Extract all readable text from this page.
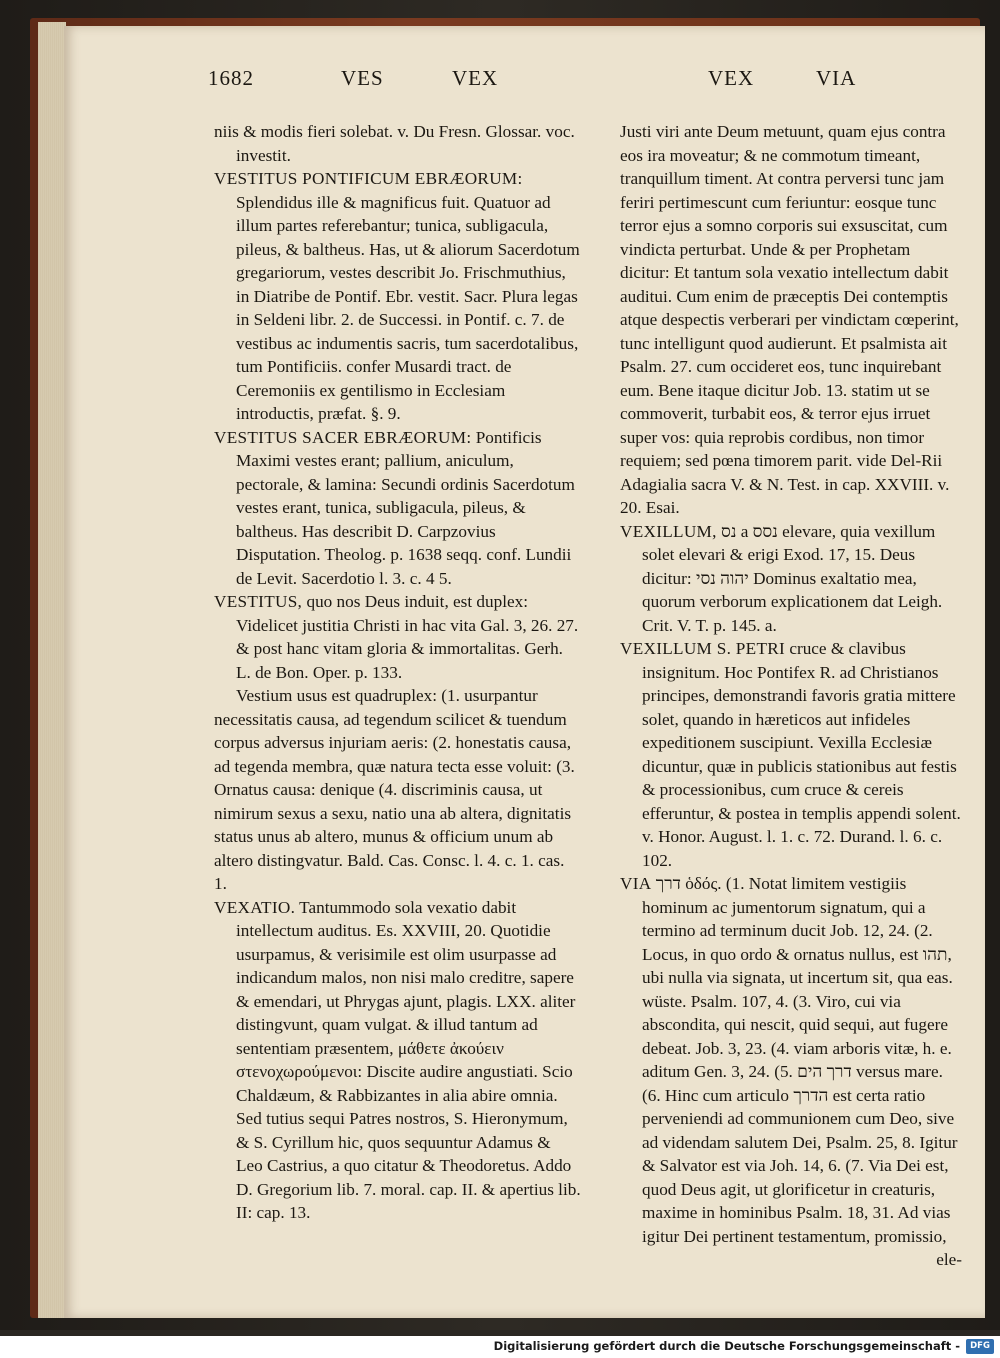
1682	VES	VEX	VEX	VIA

niis & modis fieri solebat. v. Du Fresn. Glossar. voc. investit.

VESTITUS PONTIFICUM EBRÆORUM: Splendidus ille & magnificus fuit. Quatuor ad illum partes referebantur; tunica, subligacula, pileus, & baltheus. Has, ut & aliorum Sacerdotum gregariorum, vestes describit Jo. Frischmuthius, in Diatribe de Pontif. Ebr. vestit. Sacr. Plura legas in Seldeni libr. 2. de Successi. in Pontif. c. 7. de vestibus ac indumentis sacris, tum sacerdotalibus, tum Pontificiis. confer Musardi tract. de Ceremoniis ex gentilismo in Ecclesiam introductis, præfat. §. 9.

VESTITUS SACER EBRÆORUM: Pontificis Maximi vestes erant; pallium, aniculum, pectorale, & lamina: Secundi ordinis Sacerdotum vestes erant, tunica, subligacula, pileus, & baltheus. Has describit D. Carpzovius Disputation. Theolog. p. 1638 seqq. conf. Lundii de Levit. Sacerdotio l. 3. c. 4 5.

VESTITUS, quo nos Deus induit, est duplex: Videlicet justitia Christi in hac vita Gal. 3, 26. 27. & post hanc vitam gloria & immortalitas. Gerh. L. de Bon. Oper. p. 133.

Vestium usus est quadruplex: (1. usurpantur necessitatis causa, ad tegendum scilicet & tuendum corpus adversus injuriam aeris: (2. honestatis causa, ad tegenda membra, quæ natura tecta esse voluit: (3. Ornatus causa: denique (4. discriminis causa, ut nimirum sexus a sexu, natio una ab altera, dignitatis status unus ab altero, munus & officium unum ab altero distingvatur. Bald. Cas. Consc. l. 4. c. 1. cas. 1.

VEXATIO. Tantummodo sola vexatio dabit intellectum auditus. Es. XXVIII, 20. Quotidie usurpamus, & verisimile est olim usurpasse ad indicandum malos, non nisi malo creditre, sapere & emendari, ut Phrygas ajunt, plagis. LXX. aliter distingvunt, quam vulgat. & illud tantum ad sententiam præsentem, μάθετε ἀκούειν στενοχωρούμενοι: Discite audire angustiati. Scio Chaldæum, & Rabbizantes in alia abire omnia. Sed tutius sequi Patres nostros, S. Hieronymum, & S. Cyrillum hic, quos sequuntur Adamus & Leo Castrius, a quo citatur & Theodoretus. Addo D. Gregorium lib. 7. moral. cap. II. & apertius lib. II: cap. 13.

Justi viri ante Deum metuunt, quam ejus contra eos ira moveatur; & ne commotum timeant, tranquillum timent. At contra perversi tunc jam feriri pertimescunt cum feriuntur: eosque tunc terror ejus a somno corporis sui exsuscitat, cum vindicta perturbat. Unde & per Prophetam dicitur: Et tantum sola vexatio intellectum dabit auditui. Cum enim de præceptis Dei contemptis atque despectis verberari per vindictam cœperint, tunc intelligunt quod audierunt. Et psalmista ait Psalm. 27. cum occideret eos, tunc inquirebant eum. Bene itaque dicitur Job. 13. statim ut se commoverit, turbabit eos, & terror ejus irruet super vos: quia reprobis cordibus, non timor requiem; sed pœna timorem parit. vide Del-Rii Adagialia sacra V. & N. Test. in cap. XXVIII. v. 20. Esai.

VEXILLUM, נס a נסס elevare, quia vexillum solet elevari & erigi Exod. 17, 15. Deus dicitur: יהוה נסי Dominus exaltatio mea, quorum verborum explicationem dat Leigh. Crit. V. T. p. 145. a.

VEXILLUM S. PETRI cruce & clavibus insignitum. Hoc Pontifex R. ad Christianos principes, demonstrandi favoris gratia mittere solet, quando in hæreticos aut infideles expeditionem suscipiunt. Vexilla Ecclesiæ dicuntur, quæ in publicis stationibus aut festis & processionibus, cum cruce & cereis efferuntur, & postea in templis appendi solent. v. Honor. August. l. 1. c. 72. Durand. l. 6. c. 102.

VIA דרך ὁδός. (1. Notat limitem vestigiis hominum ac jumentorum signatum, qui a termino ad terminum ducit Job. 12, 24. (2. Locus, in quo ordo & ornatus nullus, est תהו, ubi nulla via signata, ut incertum sit, qua eas. wüste. Psalm. 107, 4. (3. Viro, cui via abscondita, qui nescit, quid sequi, aut fugere debeat. Job. 3, 23. (4. viam arboris vitæ, h. e. aditum Gen. 3, 24. (5. דרך הים versus mare. (6. Hinc cum articulo הדרך est certa ratio perveniendi ad communionem cum Deo, sive ad videndam salutem Dei, Psalm. 25, 8. Igitur & Salvator est via Joh. 14, 6. (7. Via Dei est, quod Deus agit, ut glorificetur in creaturis, maxime in hominibus Psalm. 18, 31. Ad vias igitur Dei pertinent testamentum, promissio,

ele-

Digitalisierung gefördert durch die Deutsche Forschungsgemeinschaft -	DFG
